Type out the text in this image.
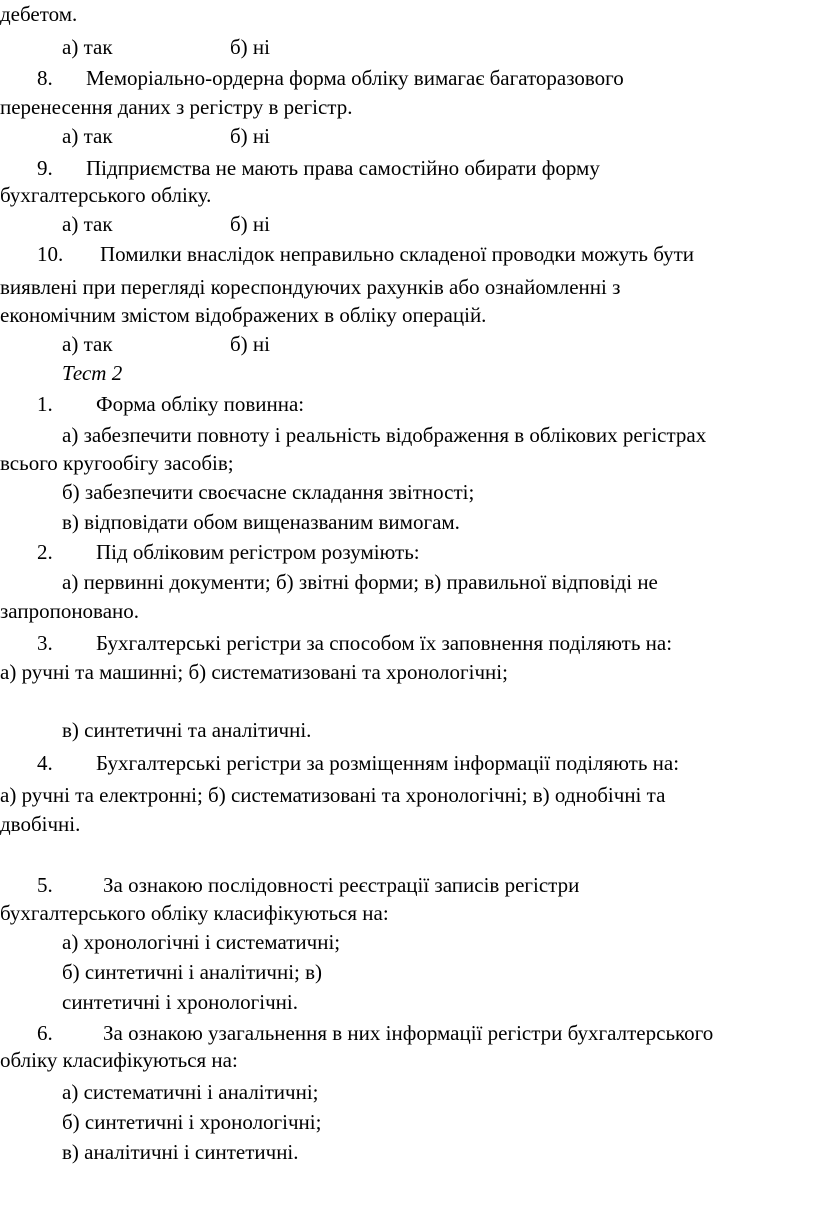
дебетом.
а) так	б) ні
8. Меморіально-ордерна форма обліку вимагає багаторазового
перенесення даних з регістру в регістр.
а) так	б) ні
9. Підприємства не мають права самостійно обирати форму
бухгалтерського обліку.
а) так	б) ні
10. Помилки внаслідок неправильно складеної проводки можуть бути
виявлені при перегляді кореспондуючих рахунків або ознайомленні з
економічним змістом відображених в обліку операцій.
а) так	б) ні
Тест 2
1. Форма обліку повинна:
а) забезпечити повноту і реальність відображення в облікових регістрах
всього кругообігу засобів;
б) забезпечити своєчасне складання звітності;
в) відповідати обом вищеназваним вимогам.
2. Під обліковим регістром розуміють:
а) первинні документи; б) звітні форми; в) правильної відповіді не
запропоновано.
3. Бухгалтерські регістри за способом їх заповнення поділяють на:
а) ручні та машинні; б) систематизовані та хронологічні;
в) синтетичні та аналітичні.
4. Бухгалтерські регістри за розміщенням інформації поділяють на:
а) ручні та електронні; б) систематизовані та хронологічні; в) однобічні та
двобічні.
5. За ознакою послідовності реєстрації записів регістри
бухгалтерського обліку класифікуються на:
а) хронологічні і систематичні;
б) синтетичні і аналітичні; в)
синтетичні і хронологічні.
6. За ознакою узагальнення в них інформації регістри бухгалтерського
обліку класифікуються на:
а) систематичні і аналітичні;
б) синтетичні і хронологічні;
в) аналітичні і синтетичні.
